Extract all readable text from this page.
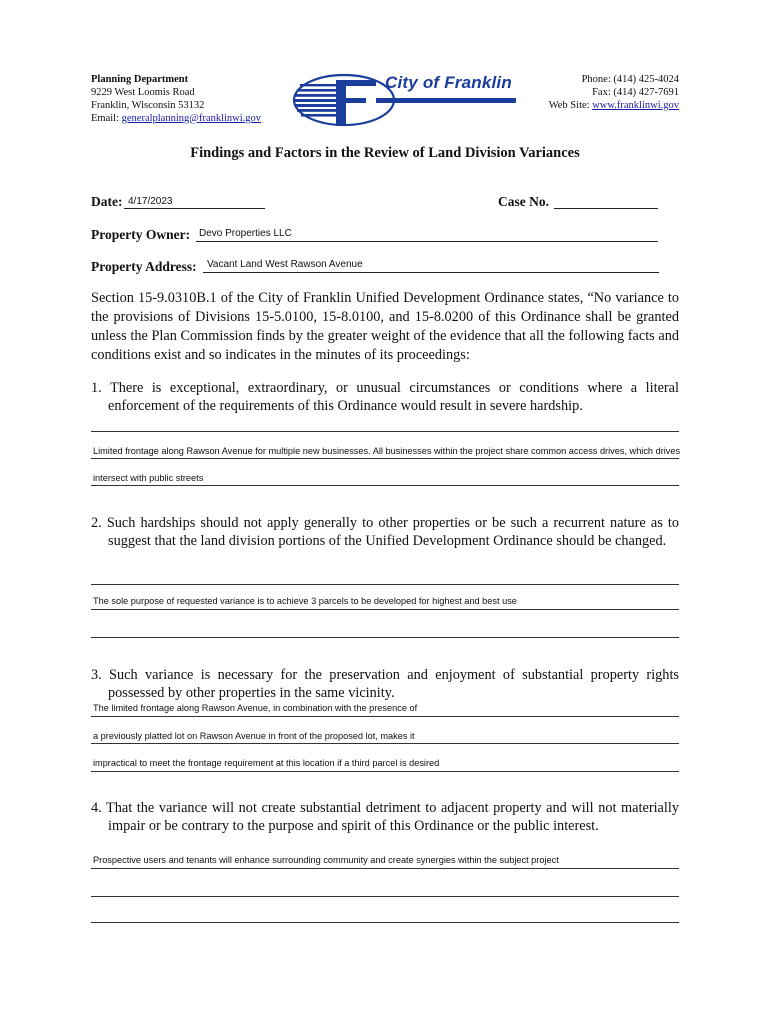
Planning Department
9229 West Loomis Road
Franklin, Wisconsin 53132
Email: generalplanning@franklinwi.gov
City of Franklin	Phone: (414) 425-4024
Fax: (414) 427-7691
Web Site: www.franklinwi.gov
Findings and Factors in the Review of Land Division Variances
Date: 4/17/2023	Case No.
Property Owner: Devo Properties LLC
Property Address: Vacant Land West Rawson Avenue
Section 15-9.0310B.1 of the City of Franklin Unified Development Ordinance states, “No variance to the provisions of Divisions 15-5.0100, 15-8.0100, and 15-8.0200 of this Ordinance shall be granted unless the Plan Commission finds by the greater weight of the evidence that all the following facts and conditions exist and so indicates in the minutes of its proceedings:
1. There is exceptional, extraordinary, or unusual circumstances or conditions where a literal enforcement of the requirements of this Ordinance would result in severe hardship.
Limited frontage along Rawson Avenue for multiple new businesses. All businesses within the project share common access drives, which drives
intersect with public streets
2. Such hardships should not apply generally to other properties or be such a recurrent nature as to suggest that the land division portions of the Unified Development Ordinance should be changed.
The sole purpose of requested variance is to achieve 3 parcels to be developed for highest and best use
3. Such variance is necessary for the preservation and enjoyment of substantial property rights possessed by other properties in the same vicinity.
The limited frontage along Rawson Avenue, in combination with the presence of
a previously platted lot on Rawson Avenue in front of the proposed lot, makes it
impractical to meet the frontage requirement at this location if a third parcel is desired
4. That the variance will not create substantial detriment to adjacent property and will not materially impair or be contrary to the purpose and spirit of this Ordinance or the public interest.
Prospective users and tenants will enhance surrounding community and create synergies within the subject project
